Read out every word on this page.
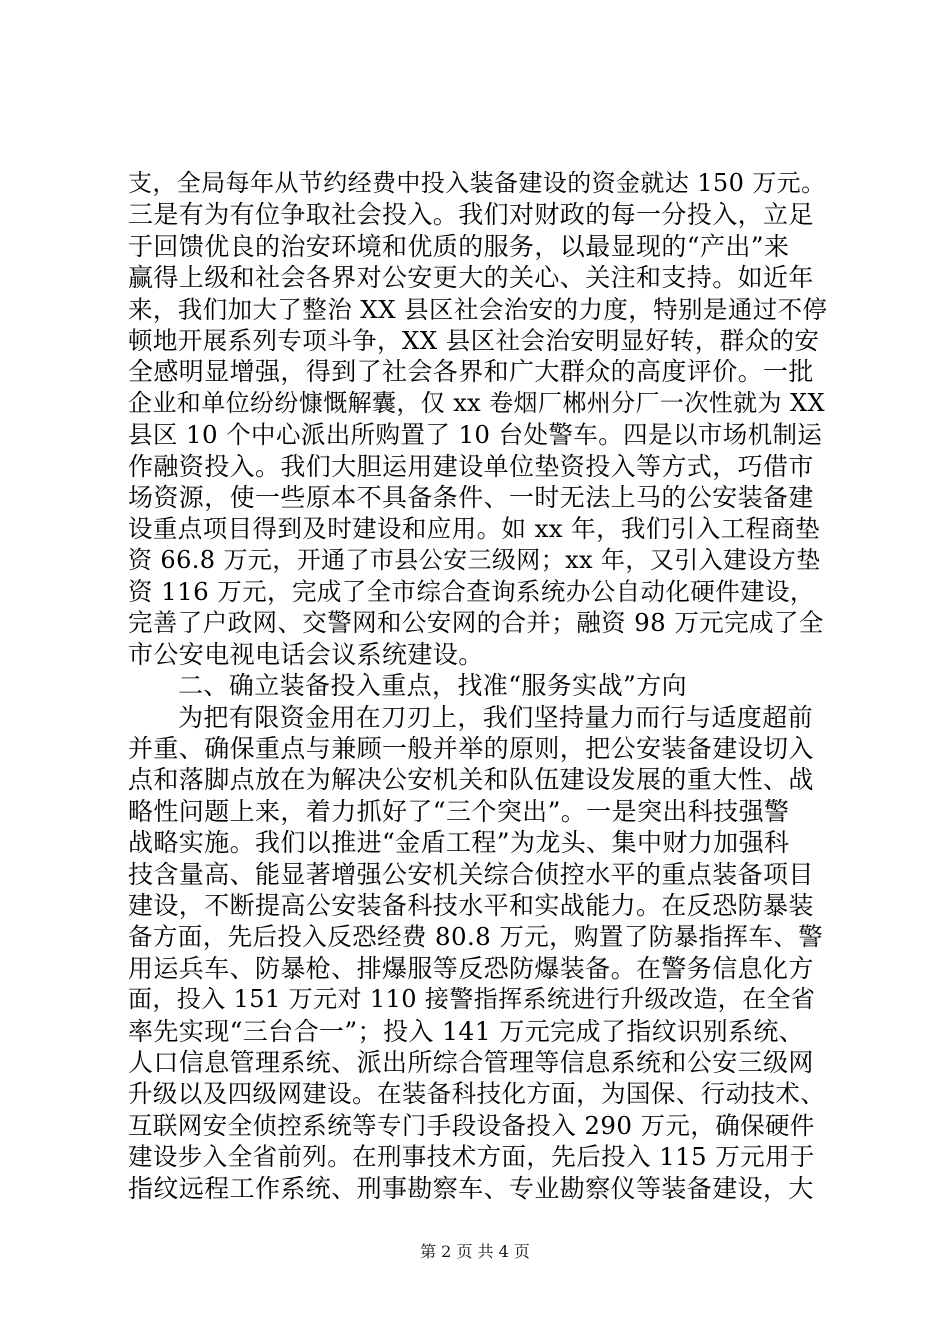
支，全局每年从节约经费中投入装备建设的资金就达 150 万元。
三是有为有位争取社会投入。我们对财政的每一分投入，立足
于回馈优良的治安环境和优质的服务，以最显现的“产出”来
赢得上级和社会各界对公安更大的关心、关注和支持。如近年
来，我们加大了整治 XX 县区社会治安的力度，特别是通过不停
顿地开展系列专项斗争，XX 县区社会治安明显好转，群众的安
全感明显增强，得到了社会各界和广大群众的高度评价。一批
企业和单位纷纷慷慨解囊，仅 xx 卷烟厂郴州分厂一次性就为 XX
县区 10 个中心派出所购置了 10 台处警车。四是以市场机制运
作融资投入。我们大胆运用建设单位垫资投入等方式，巧借市
场资源，使一些原本不具备条件、一时无法上马的公安装备建
设重点项目得到及时建设和应用。如 xx 年，我们引入工程商垫
资 66.8 万元，开通了市县公安三级网；xx 年，又引入建设方垫
资 116 万元，完成了全市综合查询系统办公自动化硬件建设，
完善了户政网、交警网和公安网的合并；融资 98 万元完成了全
市公安电视电话会议系统建设。
二、确立装备投入重点，找准“服务实战”方向
为把有限资金用在刀刃上，我们坚持量力而行与适度超前
并重、确保重点与兼顾一般并举的原则，把公安装备建设切入
点和落脚点放在为解决公安机关和队伍建设发展的重大性、战
略性问题上来，着力抓好了“三个突出”。一是突出科技强警
战略实施。我们以推进“金盾工程”为龙头、集中财力加强科
技含量高、能显著增强公安机关综合侦控水平的重点装备项目
建设，不断提高公安装备科技水平和实战能力。在反恐防暴装
备方面，先后投入反恐经费 80.8 万元，购置了防暴指挥车、警
用运兵车、防暴枪、排爆服等反恐防爆装备。在警务信息化方
面，投入 151 万元对 110 接警指挥系统进行升级改造，在全省
率先实现“三台合一”；投入 141 万元完成了指纹识别系统、
人口信息管理系统、派出所综合管理等信息系统和公安三级网
升级以及四级网建设。在装备科技化方面，为国保、行动技术、
互联网安全侦控系统等专门手段设备投入 290 万元，确保硬件
建设步入全省前列。在刑事技术方面，先后投入 115 万元用于
指纹远程工作系统、刑事勘察车、专业勘察仪等装备建设，大
第 2 页 共 4 页
